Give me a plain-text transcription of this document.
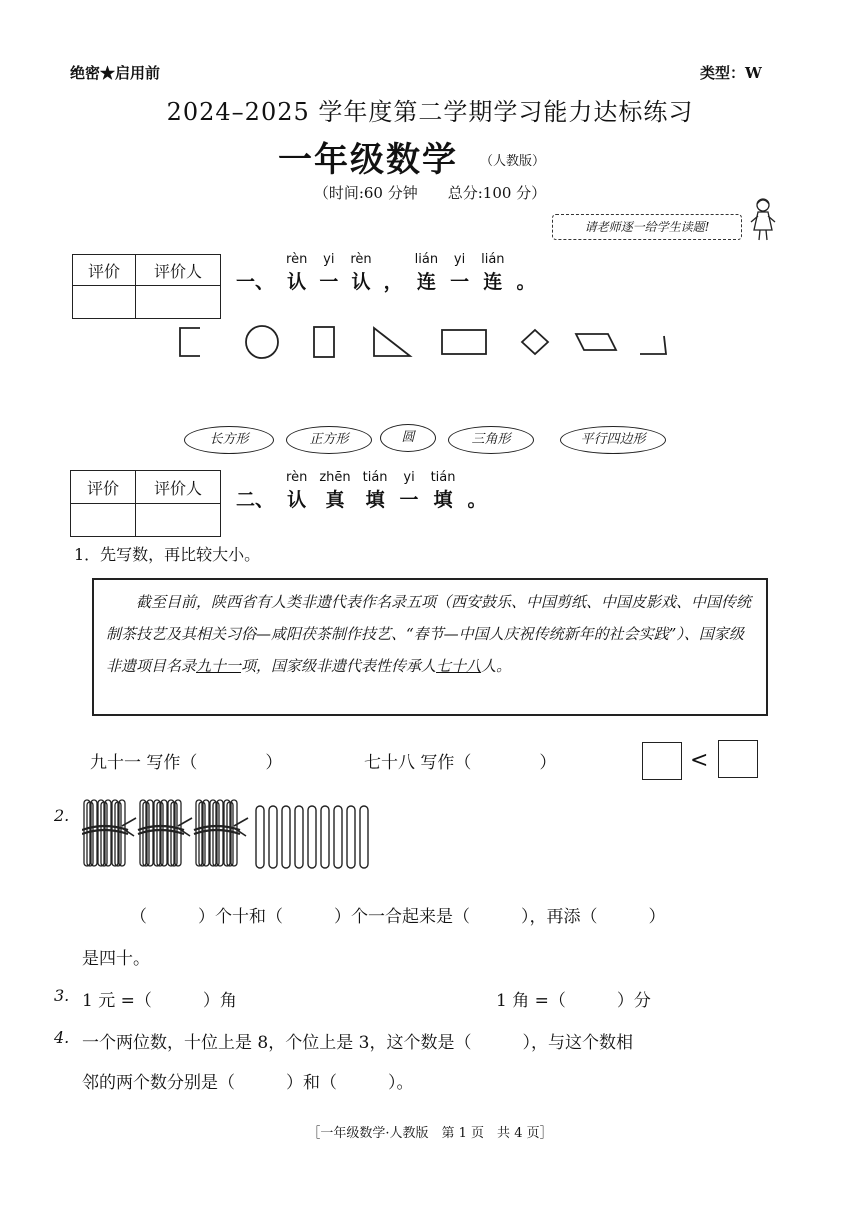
绝密★启用前	类型：W
2024–2025 学年度第二学期学习能力达标练习
一年级数学 （人教版）
（时间:60 分钟　　总分:100 分）
请老师逐一给学生读题!
评价	评价人
	一、
rèn
认
yi
一
rèn
认 ，
lián
连
yi
一
lián
连 。
长方形	正方形	圆	三角形	平行四边形
评价	评价人

二、
rèn
认
zhēn
真
tián
填
yi
一
tián
填 。
1．先写数，再比较大小。
截至目前，陕西省有人类非遗代表作名录五项（西安鼓乐、中国剪纸、中国皮影戏、中国传统制茶技艺及其相关习俗—咸阳茯茶制作技艺、“春节—中国人庆祝传统新年的社会实践”）、国家级非遗项目名录九十一项，国家级非遗代表性传承人七十八人。
九十一 写作（　　　　）	七十八 写作（　　　　）	<
2.
（　　　）个十和（　　　）个一合起来是（　　　），再添（　　　）
是四十。
3. 1 元 =（　　　）角	1 角 =（　　　）分
4. 一个两位数，十位上是 8，个位上是 3，这个数是（　　　），与这个数相
邻的两个数分别是（　　　）和（　　　）。
［一年级数学·人教版　第 1 页　共 4 页］
